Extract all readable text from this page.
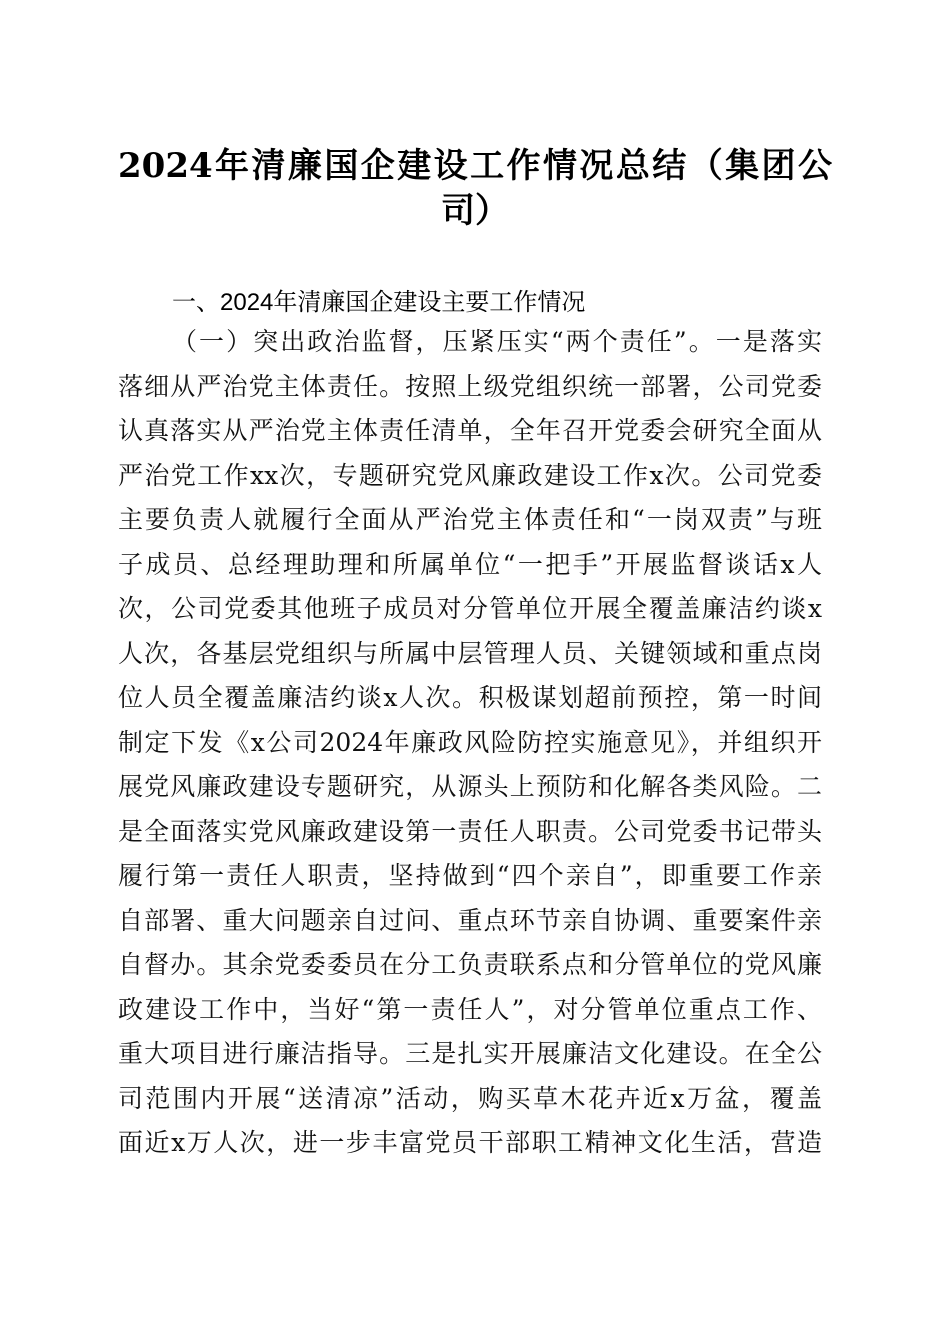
2024年清廉国企建设工作情况总结（集团公
司）
一、2024年清廉国企建设主要工作情况
（一）突出政治监督，压紧压实“两个责任”。一是落实
落细从严治党主体责任。按照上级党组织统一部署，公司党委
认真落实从严治党主体责任清单，全年召开党委会研究全面从
严治党工作xx次，专题研究党风廉政建设工作x次。公司党委
主要负责人就履行全面从严治党主体责任和“一岗双责”与班
子成员、总经理助理和所属单位“一把手”开展监督谈话x人
次，公司党委其他班子成员对分管单位开展全覆盖廉洁约谈x
人次，各基层党组织与所属中层管理人员、关键领域和重点岗
位人员全覆盖廉洁约谈x人次。积极谋划超前预控，第一时间
制定下发《x公司2024年廉政风险防控实施意见》，并组织开
展党风廉政建设专题研究，从源头上预防和化解各类风险。二
是全面落实党风廉政建设第一责任人职责。公司党委书记带头
履行第一责任人职责，坚持做到“四个亲自”，即重要工作亲
自部署、重大问题亲自过问、重点环节亲自协调、重要案件亲
自督办。其余党委委员在分工负责联系点和分管单位的党风廉
政建设工作中，当好“第一责任人”，对分管单位重点工作、
重大项目进行廉洁指导。三是扎实开展廉洁文化建设。在全公
司范围内开展“送清凉”活动，购买草木花卉近x万盆，覆盖
面近x万人次，进一步丰富党员干部职工精神文化生活，营造
